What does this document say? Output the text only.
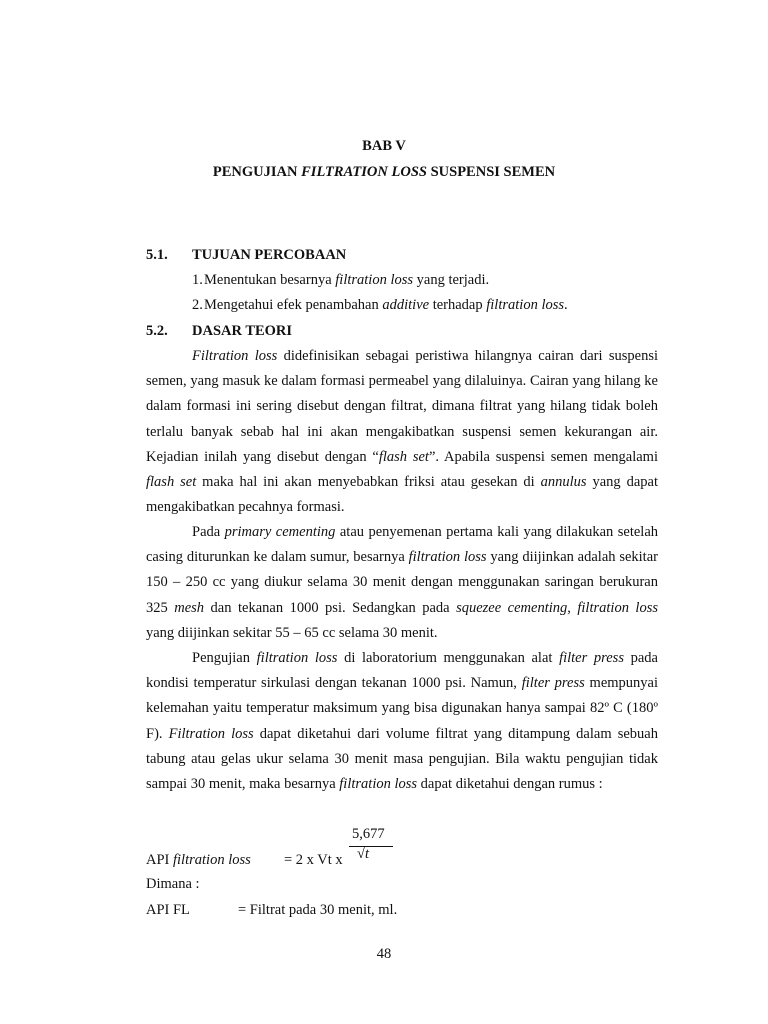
BAB V
PENGUJIAN FILTRATION LOSS SUSPENSI SEMEN
5.1. TUJUAN PERCOBAAN
1.Menentukan besarnya filtration loss yang terjadi.
2.Mengetahui efek penambahan additive terhadap filtration loss.
5.2. DASAR TEORI
Filtration loss didefinisikan sebagai peristiwa hilangnya cairan dari suspensi semen, yang masuk ke dalam formasi permeabel yang dilaluinya. Cairan yang hilang ke dalam formasi ini sering disebut dengan filtrat, dimana filtrat yang hilang tidak boleh terlalu banyak sebab hal ini akan mengakibatkan suspensi semen kekurangan air. Kejadian inilah yang disebut dengan “flash set”. Apabila suspensi semen mengalami flash set maka hal ini akan menyebabkan friksi atau gesekan di annulus yang dapat mengakibatkan pecahnya formasi.
Pada primary cementing atau penyemenan pertama kali yang dilakukan setelah casing diturunkan ke dalam sumur, besarnya filtration loss yang diijinkan adalah sekitar 150 – 250 cc yang diukur selama 30 menit dengan menggunakan saringan berukuran 325 mesh dan tekanan 1000 psi. Sedangkan pada squezee cementing, filtration loss yang diijinkan sekitar 55 – 65 cc selama 30 menit.
Pengujian filtration loss di laboratorium menggunakan alat filter press pada kondisi temperatur sirkulasi dengan tekanan 1000 psi. Namun, filter press mempunyai kelemahan yaitu temperatur maksimum yang bisa digunakan hanya sampai 82º C (180º F). Filtration loss dapat diketahui dari volume filtrat yang ditampung dalam sebuah tabung atau gelas ukur selama 30 menit masa pengujian. Bila waktu pengujian tidak sampai 30 menit, maka besarnya filtration loss dapat diketahui dengan rumus :
API filtration loss = 2 x Vt x
5,677
√t
Dimana :
API FL	= Filtrat pada 30 menit, ml.
48
